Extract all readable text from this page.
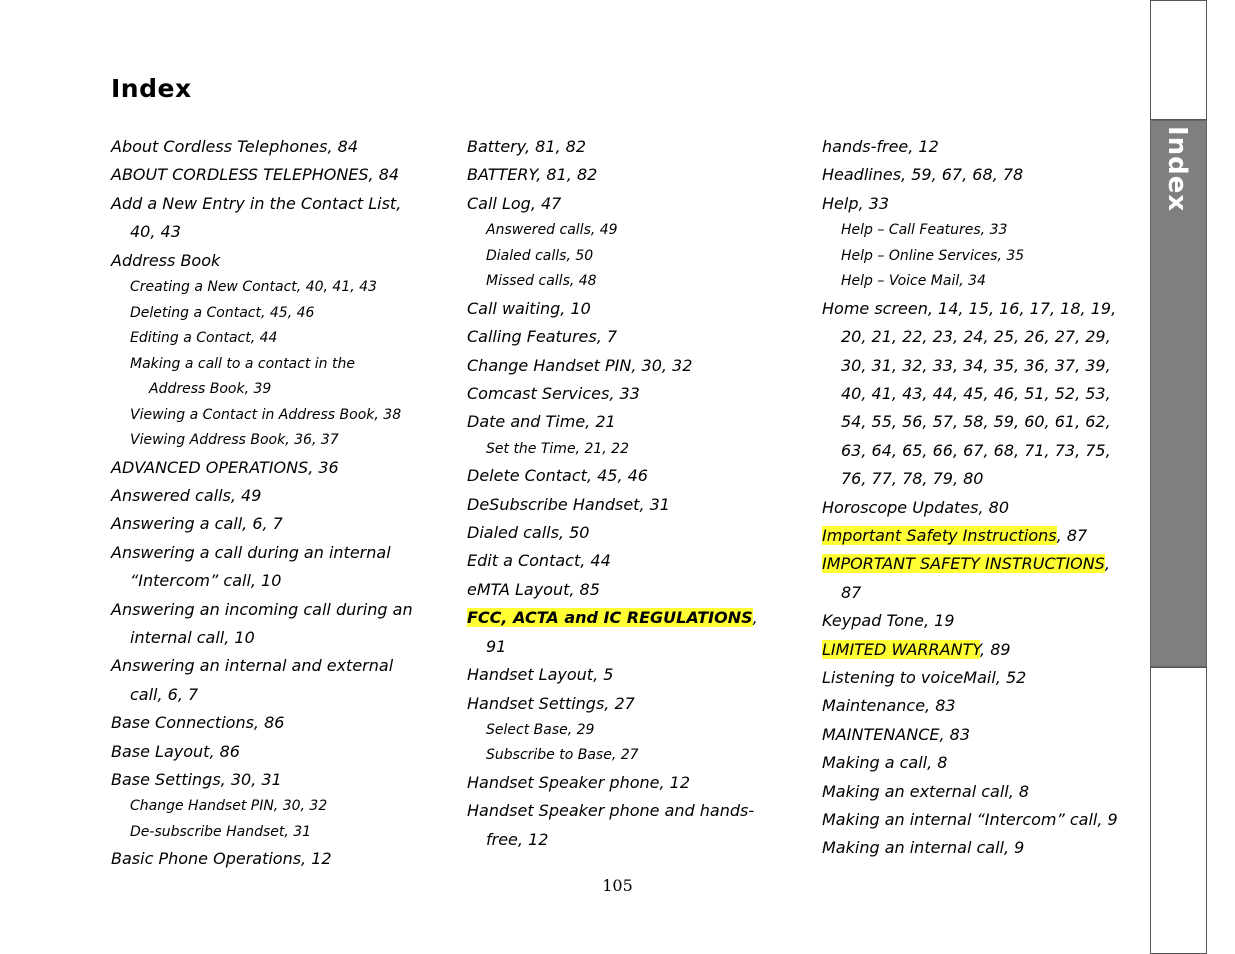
Index
About Cordless Telephones, 84
ABOUT CORDLESS TELEPHONES, 84
Add a New Entry in the Contact List,
40, 43
Address Book
Creating a New Contact, 40, 41, 43
Deleting a Contact, 45, 46
Editing a Contact, 44
Making a call to a contact in the
Address Book, 39
Viewing a Contact in Address Book, 38
Viewing Address Book, 36, 37
ADVANCED OPERATIONS, 36
Answered calls, 49
Answering a call, 6, 7
Answering a call during an internal
“Intercom” call, 10
Answering an incoming call during an
internal call, 10
Answering an internal and external
call, 6, 7
Base Connections, 86
Base Layout, 86
Base Settings, 30, 31
Change Handset PIN, 30, 32
De-subscribe Handset, 31
Basic Phone Operations, 12
Battery, 81, 82
BATTERY, 81, 82
Call Log, 47
Answered calls, 49
Dialed calls, 50
Missed calls, 48
Call waiting, 10
Calling Features, 7
Change Handset PIN, 30, 32
Comcast Services, 33
Date and Time, 21
Set the Time, 21, 22
Delete Contact, 45, 46
DeSubscribe Handset, 31
Dialed calls, 50
Edit a Contact, 44
eMTA Layout, 85
FCC, ACTA and IC REGULATIONS,
91
Handset Layout, 5
Handset Settings, 27
Select Base, 29
Subscribe to Base, 27
Handset Speaker phone, 12
Handset Speaker phone and hands-
free, 12
hands-free, 12
Headlines, 59, 67, 68, 78
Help, 33
Help – Call Features, 33
Help – Online Services, 35
Help – Voice Mail, 34
Home screen, 14, 15, 16, 17, 18, 19,
20, 21, 22, 23, 24, 25, 26, 27, 29,
30, 31, 32, 33, 34, 35, 36, 37, 39,
40, 41, 43, 44, 45, 46, 51, 52, 53,
54, 55, 56, 57, 58, 59, 60, 61, 62,
63, 64, 65, 66, 67, 68, 71, 73, 75,
76, 77, 78, 79, 80
Horoscope Updates, 80
Important Safety Instructions, 87
IMPORTANT SAFETY INSTRUCTIONS,
87
Keypad Tone, 19
LIMITED WARRANTY, 89
Listening to voiceMail, 52
Maintenance, 83
MAINTENANCE, 83
Making a call, 8
Making an external call, 8
Making an internal “Intercom” call, 9
Making an internal call, 9
105
Index
